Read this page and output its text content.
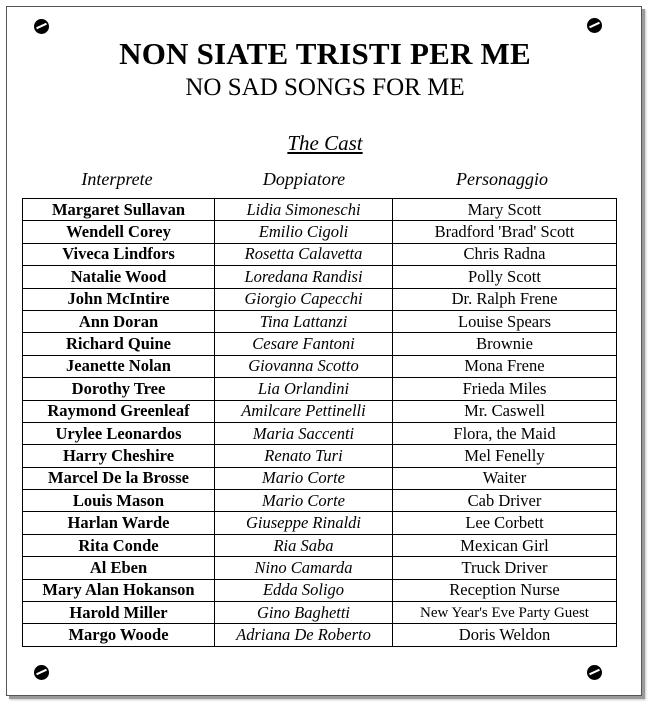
NON SIATE TRISTI PER ME
NO SAD SONGS FOR ME
The Cast
Interprete	Doppiatore	Personaggio
Margaret Sullavan	Lidia Simoneschi	Mary Scott
Wendell Corey	Emilio Cigoli	Bradford 'Brad' Scott
Viveca Lindfors	Rosetta Calavetta	Chris Radna
Natalie Wood	Loredana Randisi	Polly Scott
John McIntire	Giorgio Capecchi	Dr. Ralph Frene
Ann Doran	Tina Lattanzi	Louise Spears
Richard Quine	Cesare Fantoni	Brownie
Jeanette Nolan	Giovanna Scotto	Mona Frene
Dorothy Tree	Lia Orlandini	Frieda Miles
Raymond Greenleaf	Amilcare Pettinelli	Mr. Caswell
Urylee Leonardos	Maria Saccenti	Flora, the Maid
Harry Cheshire	Renato Turi	Mel Fenelly
Marcel De la Brosse	Mario Corte	Waiter
Louis Mason	Mario Corte	Cab Driver
Harlan Warde	Giuseppe Rinaldi	Lee Corbett
Rita Conde	Ria Saba	Mexican Girl
Al Eben	Nino Camarda	Truck Driver
Mary Alan Hokanson	Edda Soligo	Reception Nurse
Harold Miller	Gino Baghetti	New Year's Eve Party Guest
Margo Woode	Adriana De Roberto	Doris Weldon
